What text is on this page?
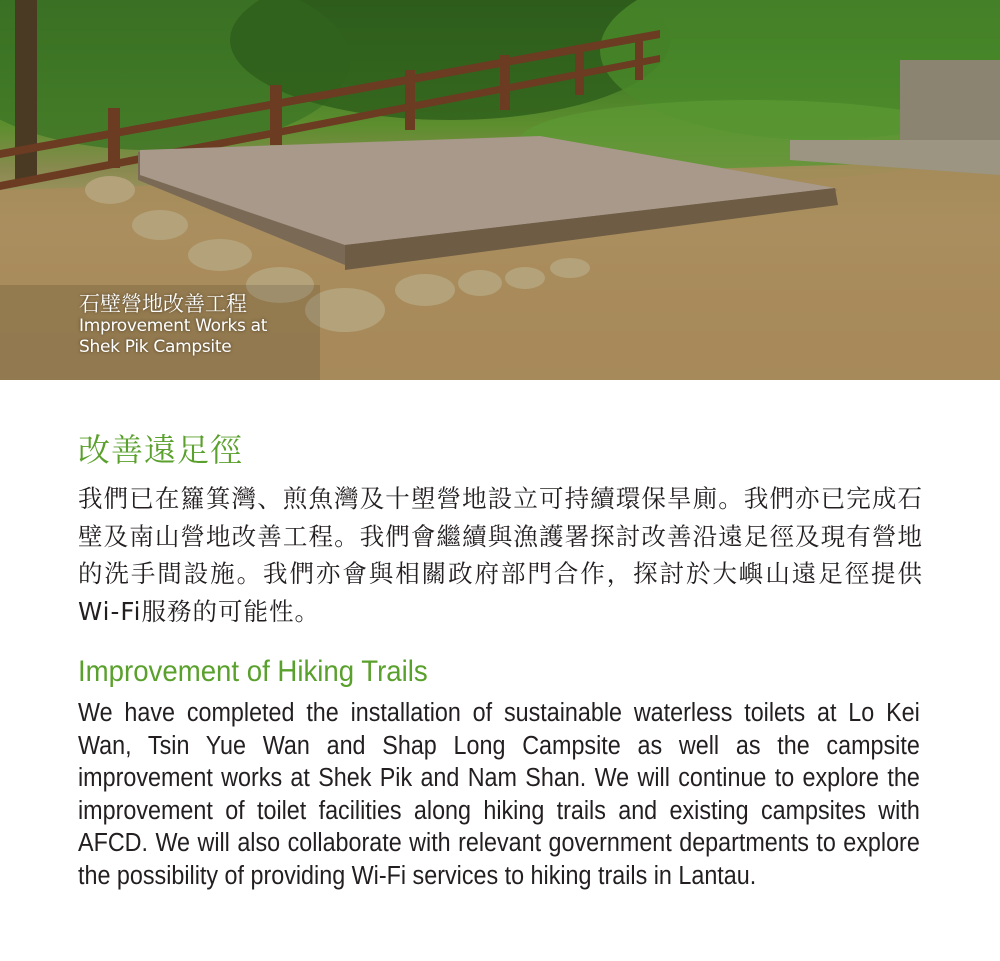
石壁營地改善工程
Improvement Works at
Shek Pik Campsite
改善遠足徑
我們已在籮箕灣、煎魚灣及十塱營地設立可持續環保旱廁。我們亦已完成石壁及南山營地改善工程。我們會繼續與漁護署探討改善沿遠足徑及現有營地的洗手間設施。我們亦會與相關政府部門合作，探討於大嶼山遠足徑提供Wi-Fi服務的可能性。
Improvement of Hiking Trails
We have completed the installation of sustainable waterless toilets at Lo Kei Wan, Tsin Yue Wan and Shap Long Campsite as well as the campsite improvement works at Shek Pik and Nam Shan. We will continue to explore the improvement of toilet facilities along hiking trails and existing campsites with AFCD. We will also collaborate with relevant government departments to explore the possibility of providing Wi-Fi services to hiking trails in Lantau.
